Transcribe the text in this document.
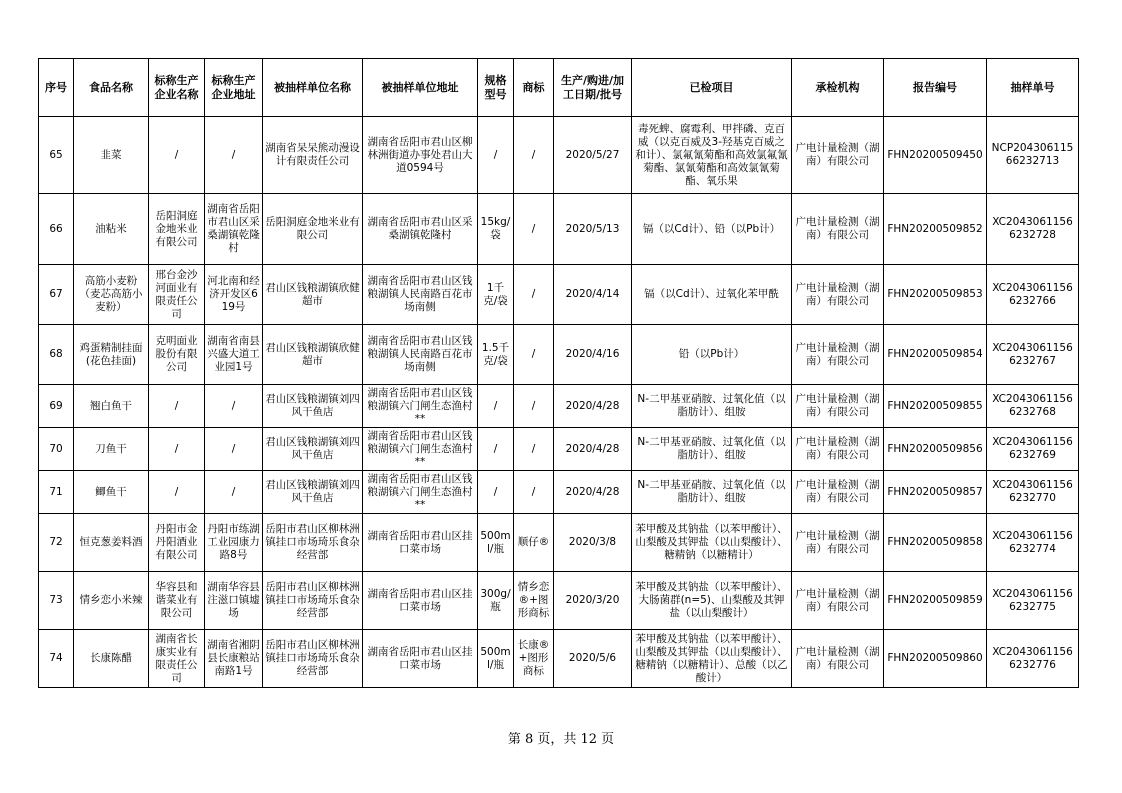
序号	食品名称	标称生产企业名称	标称生产企业地址	被抽样单位名称	被抽样单位地址	规格型号	商标	生产/购进/加工日期/批号	已检项目	承检机构	报告编号	抽样单号
65	韭菜	/	/	湖南省呆呆熊动漫设计有限责任公司	湖南省岳阳市君山区柳林洲街道办事处君山大道0594号	/	/	2020/5/27	毒死蜱、腐霉利、甲拌磷、克百威（以克百威及3-羟基克百威之和计）、氯氟氰菊酯和高效氯氟氰菊酯、氯氰菊酯和高效氯氰菊酯、氧乐果	广电计量检测（湖南）有限公司	FHN20200509450	NCP20430611566232713
66	油粘米	岳阳洞庭金地米业有限公司	湖南省岳阳市君山区采桑湖镇乾隆村	岳阳洞庭金地米业有限公司	湖南省岳阳市君山区采桑湖镇乾隆村	15kg/袋	/	2020/5/13	镉（以Cd计）、铅（以Pb计）	广电计量检测（湖南）有限公司	FHN20200509852	XC20430611566232728
67	高筋小麦粉（麦芯高筋小麦粉）	邢台金沙河面业有限责任公司	河北南和经济开发区619号	君山区钱粮湖镇欣健超市	湖南省岳阳市君山区钱粮湖镇人民南路百花市场南侧	1千克/袋	/	2020/4/14	镉（以Cd计）、过氧化苯甲酰	广电计量检测（湖南）有限公司	FHN20200509853	XC20430611566232766
68	鸡蛋精制挂面(花色挂面)	克明面业股份有限公司	湖南省南县兴盛大道工业园1号	君山区钱粮湖镇欣健超市	湖南省岳阳市君山区钱粮湖镇人民南路百花市场南侧	1.5千克/袋	/	2020/4/16	铅（以Pb计）	广电计量检测（湖南）有限公司	FHN20200509854	XC20430611566232767
69	翘白鱼干	/	/	君山区钱粮湖镇刘四风干鱼店	湖南省岳阳市君山区钱粮湖镇六门闸生态渔村**	/	/	2020/4/28	N-二甲基亚硝胺、过氧化值（以脂肪计）、组胺	广电计量检测（湖南）有限公司	FHN20200509855	XC20430611566232768
70	刀鱼干	/	/	君山区钱粮湖镇刘四风干鱼店	湖南省岳阳市君山区钱粮湖镇六门闸生态渔村**	/	/	2020/4/28	N-二甲基亚硝胺、过氧化值（以脂肪计）、组胺	广电计量检测（湖南）有限公司	FHN20200509856	XC20430611566232769
71	鲫鱼干	/	/	君山区钱粮湖镇刘四风干鱼店	湖南省岳阳市君山区钱粮湖镇六门闸生态渔村**	/	/	2020/4/28	N-二甲基亚硝胺、过氧化值（以脂肪计）、组胺	广电计量检测（湖南）有限公司	FHN20200509857	XC20430611566232770
72	恒克葱姜料酒	丹阳市金丹阳酒业有限公司	丹阳市练湖工业园康力路8号	岳阳市君山区柳林洲镇挂口市场琦乐食杂经营部	湖南省岳阳市君山区挂口菜市场	500ml/瓶	顺仔®	2020/3/8	苯甲酸及其钠盐（以苯甲酸计）、山梨酸及其钾盐（以山梨酸计）、糖精钠（以糖精计）	广电计量检测（湖南）有限公司	FHN20200509858	XC20430611566232774
73	情乡恋小米辣	华容县和谐菜业有限公司	湖南华容县注滋口镇墟场	岳阳市君山区柳林洲镇挂口市场琦乐食杂经营部	湖南省岳阳市君山区挂口菜市场	300g/瓶	情乡恋®+图形商标	2020/3/20	苯甲酸及其钠盐（以苯甲酸计）、大肠菌群(n=5)、山梨酸及其钾盐（以山梨酸计）	广电计量检测（湖南）有限公司	FHN20200509859	XC20430611566232775
74	长康陈醋	湖南省长康实业有限责任公司	湖南省湘阴县长康粮站南路1号	岳阳市君山区柳林洲镇挂口市场琦乐食杂经营部	湖南省岳阳市君山区挂口菜市场	500ml/瓶	长康®+图形商标	2020/5/6	苯甲酸及其钠盐（以苯甲酸计）、山梨酸及其钾盐（以山梨酸计）、糖精钠（以糖精计）、总酸（以乙酸计）	广电计量检测（湖南）有限公司	FHN20200509860	XC20430611566232776
第 8 页，共 12 页
